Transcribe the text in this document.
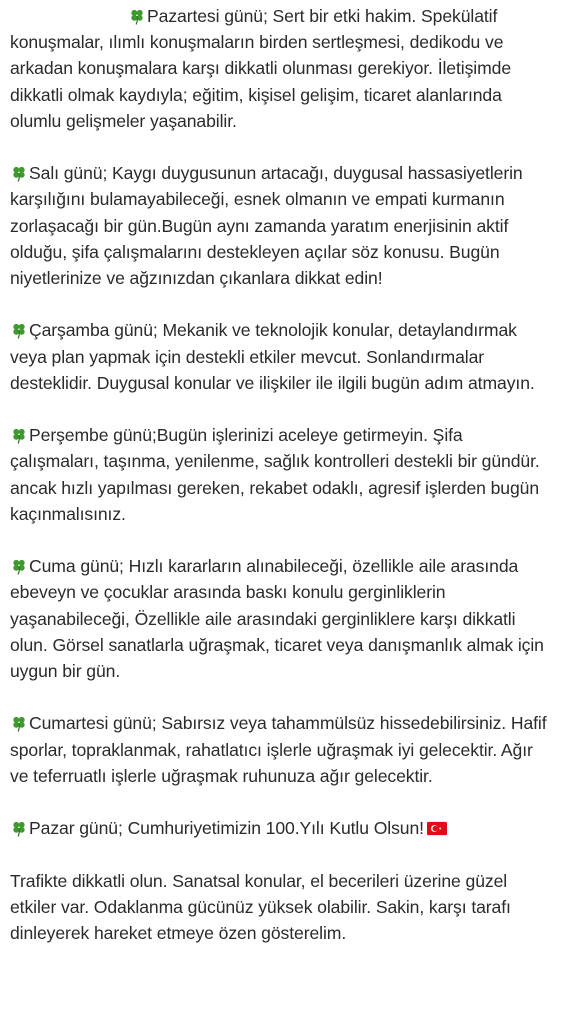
Pazartesi günü; Sert bir etki hakim. Spekülatif konuşmalar, ılımlı konuşmaların birden sertleşmesi, dedikodu ve arkadan konuşmalara karşı dikkatli olunması gerekiyor. İletişimde dikkatli olmak kaydıyla; eğitim, kişisel gelişim, ticaret alanlarında olumlu gelişmeler yaşanabilir.

Salı günü; Kaygı duygusunun artacağı, duygusal hassasiyetlerin karşılığını bulamayabileceği, esnek olmanın ve empati kurmanın zorlaşacağı bir gün.Bugün aynı zamanda yaratım enerjisinin aktif olduğu, şifa çalışmalarını destekleyen açılar söz konusu. Bugün niyetlerinize ve ağzınızdan çıkanlara dikkat edin!

Çarşamba günü; Mekanik ve teknolojik konular, detaylandırmak veya plan yapmak için destekli etkiler mevcut. Sonlandırmalar desteklidir. Duygusal konular ve ilişkiler ile ilgili bugün adım atmayın.

Perşembe günü;Bugün işlerinizi aceleye getirmeyin. Şifa çalışmaları, taşınma, yenilenme, sağlık kontrolleri destekli bir gündür. ancak hızlı yapılması gereken, rekabet odaklı, agresif işlerden bugün kaçınmalısınız.

Cuma günü; Hızlı kararların alınabileceği, özellikle aile arasında ebeveyn ve çocuklar arasında baskı konulu gerginliklerin yaşanabileceği, Özellikle aile arasındaki gerginliklere karşı dikkatli olun. Görsel sanatlarla uğraşmak, ticaret veya danışmanlık almak için uygun bir gün.

Cumartesi günü; Sabırsız veya tahammülsüz hissedebilirsiniz. Hafif sporlar, topraklanmak, rahatlatıcı işlerle uğraşmak iyi gelecektir. Ağır ve teferruatlı işlerle uğraşmak ruhunuza ağır gelecektir.

Pazar günü; Cumhuriyetimizin 100.Yılı Kutlu Olsun!

Trafikte dikkatli olun. Sanatsal konular, el becerileri üzerine güzel etkiler var. Odaklanma gücünüz yüksek olabilir. Sakin, karşı tarafı dinleyerek hareket etmeye özen gösterelim.
